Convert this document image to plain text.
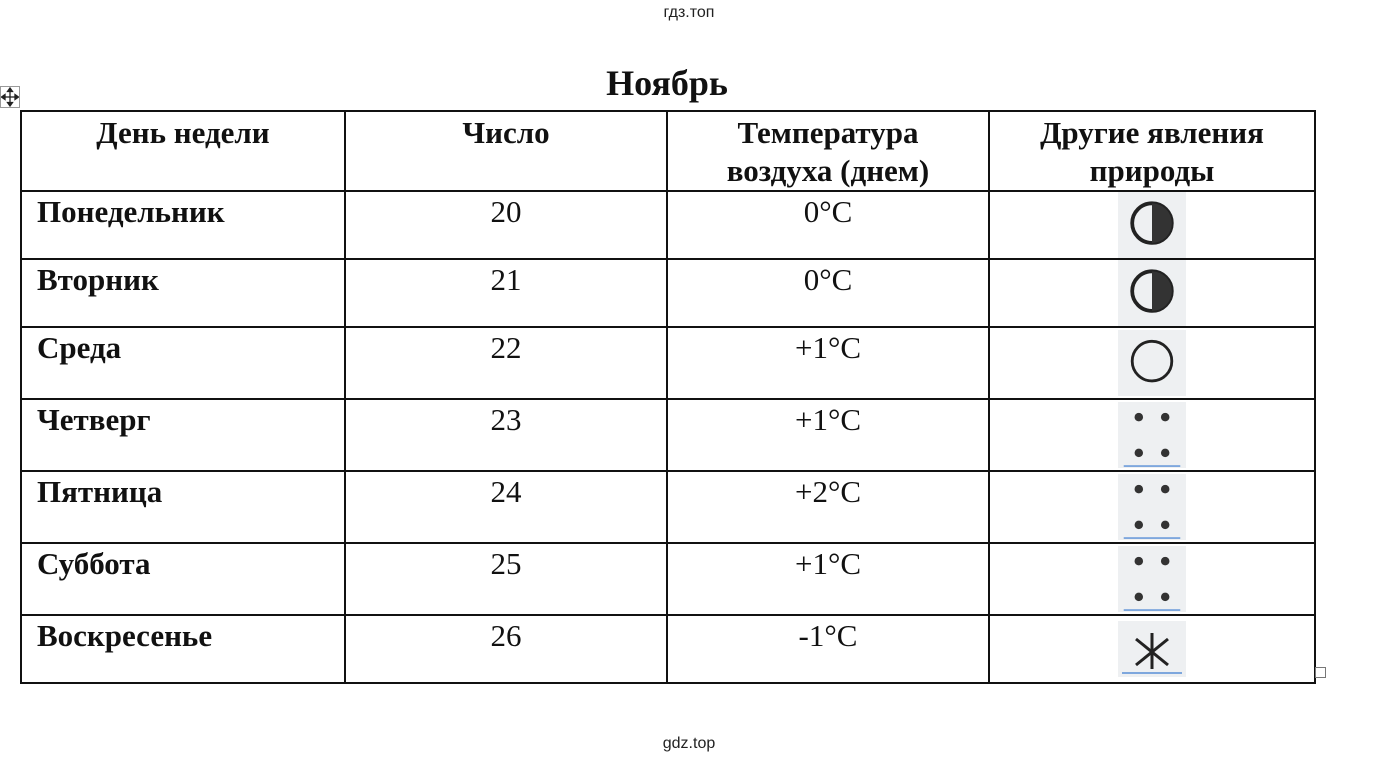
гдз.топ
Ноябрь
День недели	Число	Температура воздуха (днем)	Другие явления природы
Понедельник	20	0°C	

Вторник	21	0°C	

Среда	22	+1°C	

Четверг	23	+1°C	

Пятница	24	+2°C	

Суббота	25	+1°C	

Воскресенье	26	-1°C	
gdz.top
